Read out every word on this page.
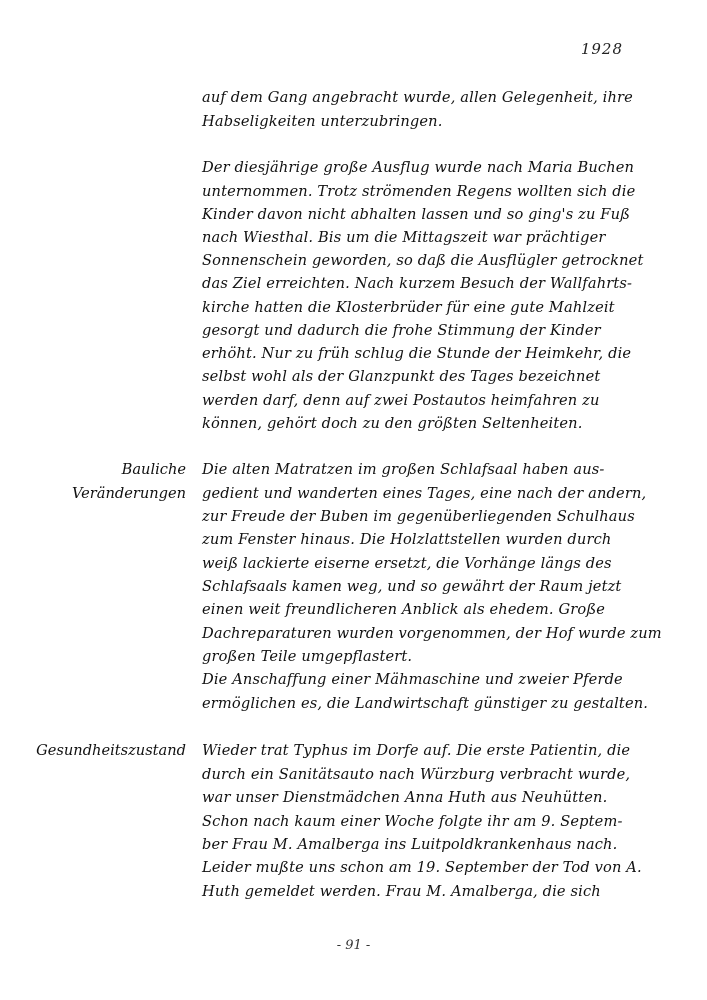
1928
auf dem Gang angebracht wurde, allen Gelegenheit, ihre
Habseligkeiten unterzubringen.
Der diesjährige große Ausflug wurde nach Maria Buchen
unternommen. Trotz strömenden Regens wollten sich die
Kinder davon nicht abhalten lassen und so ging's zu Fuß
nach Wiesthal. Bis um die Mittagszeit war prächtiger
Sonnenschein geworden, so daß die Ausflügler getrocknet
das Ziel erreichten. Nach kurzem Besuch der Wallfahrts-
kirche hatten die Klosterbrüder für eine gute Mahlzeit
gesorgt und dadurch die frohe Stimmung der Kinder
erhöht. Nur zu früh schlug die Stunde der Heimkehr, die
selbst wohl als der Glanzpunkt des Tages bezeichnet
werden darf, denn auf zwei Postautos heimfahren zu
können, gehört doch zu den größten Seltenheiten.
Bauliche
Veränderungen
Die alten Matratzen im großen Schlafsaal haben aus-
gedient und wanderten eines Tages, eine nach der andern,
zur Freude der Buben im gegenüberliegenden Schulhaus
zum Fenster hinaus. Die Holzlattstellen wurden durch
weiß lackierte eiserne ersetzt, die Vorhänge längs des
Schlafsaals kamen weg, und so gewährt der Raum jetzt
einen weit freundlicheren Anblick als ehedem. Große
Dachreparaturen wurden vorgenommen, der Hof wurde zum
großen Teile umgepflastert.
Die Anschaffung einer Mähmaschine und zweier Pferde
ermöglichen es, die Landwirtschaft günstiger zu gestalten.
Gesundheitszustand Wieder trat Typhus im Dorfe auf. Die erste Patientin, die
durch ein Sanitätsauto nach Würzburg verbracht wurde,
war unser Dienstmädchen Anna Huth aus Neuhütten.
Schon nach kaum einer Woche folgte ihr am 9. Septem-
ber Frau M. Amalberga ins Luitpoldkrankenhaus nach.
Leider mußte uns schon am 19. September der Tod von A.
Huth gemeldet werden. Frau M. Amalberga, die sich
- 91 -
